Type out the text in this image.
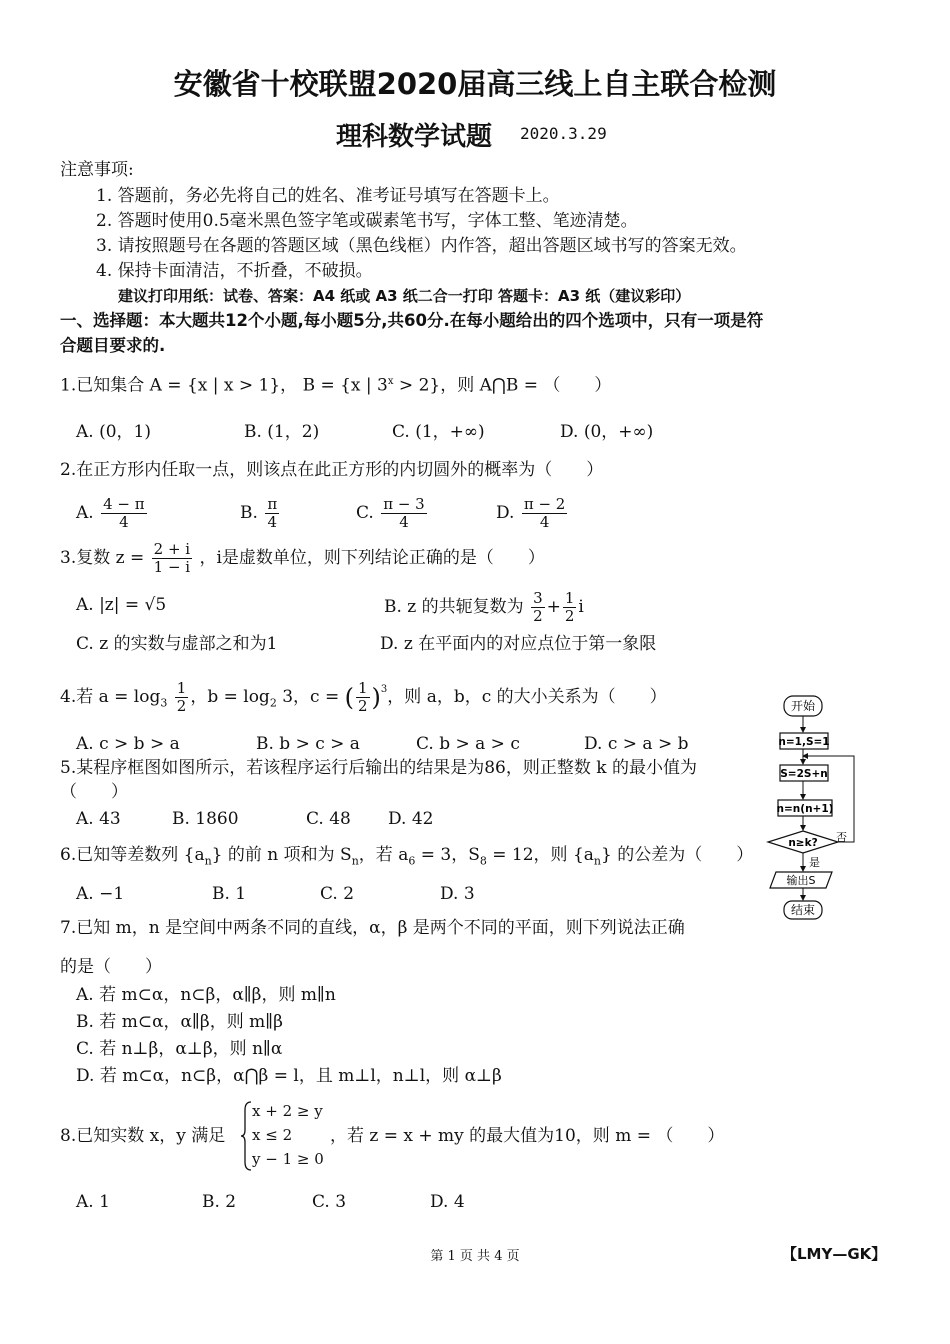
安徽省十校联盟2020届高三线上自主联合检测
理科数学试题 2020.3.29
注意事项:
1. 答题前，务必先将自己的姓名、准考证号填写在答题卡上。
2. 答题时使用0.5毫米黑色签字笔或碳素笔书写，字体工整、笔迹清楚。
3. 请按照题号在各题的答题区域（黑色线框）内作答，超出答题区域书写的答案无效。
4. 保持卡面清洁，不折叠，不破损。
建议打印用纸：试卷、答案：A4 纸或 A3 纸二合一打印 答题卡：A3 纸（建议彩印）
一、选择题：本大题共12个小题,每小题5分,共60分.在每小题给出的四个选项中，只有一项是符
合题目要求的.
1.已知集合 A = {x | x > 1}， B = {x | $3^x > 2$}，则 A⋂B = （　　）
A. (0，1)	B. (1，2)	C. (1，+∞)	D. (0，+∞)
2.在正方形内任取一点，则该点在此正方形的内切圆外的概率为（　　）
A. $\frac{4 - \pi}{4}$	B. $\frac{\pi}{4}$	C. $\frac{\pi - 3}{4}$	D. $\frac{\pi - 2}{4}$
3.复数 $z = \frac{2 + i}{1 - i}$ ，i是虚数单位，则下列结论正确的是（　　）
A. |z| = √5	B. z 的共轭复数为 $\frac{3}{2} + \frac{1}{2}$ i
C. z 的实数与虚部之和为1	D. z 在平面内的对应点位于第一象限
4.若 $a = \log_3 \frac{1}{2}$ ，$b = \log_2 3$，c = ( $\frac{1}{2} )^3$，则 a，b，c 的大小关系为（　　）
A. c > b > a	B. b > c > a	C. b > a > c	D. c > a > b
5.某程序框图如图所示，若该程序运行后输出的结果是为86，则正整数 k 的最小值为
（　　）
A. 43	B. 1860	C. 48 D. 42
开始
n=1,S=1
S=2S+n
n=n(n+1)
n≥k? 否
是
输出S
结束
6.已知等差数列 $\{a_n\}$ 的前 n 项和为 $S_n$，若 $a_6 = 3$，$S_8 = 12$，则 $\{a_n\}$ 的公差为（　　）
A. −1	B. 1	C. 2	D. 3
7.已知 m，n 是空间中两条不同的直线，α，β 是两个不同的平面，则下列说法正确
的是（　　）
A. 若 m⊂α，n⊂β，α∥β，则 m∥n
B. 若 m⊂α，α∥β，则 m∥β
C. 若 n⊥β，α⊥β，则 n∥α
D. 若 m⊂α，n⊂β，α⋂β = l，且 m⊥l，n⊥l，则 α⊥β
8.已知实数 x，y 满足
x + 2 ≥ y
x ≤ 2
y − 1 ≥ 0
，若 z = x + my 的最大值为10，则 m = （　　）
A. 1	B. 2	C. 3	D. 4
第 1 页 共 4 页	【LMY—GK】
